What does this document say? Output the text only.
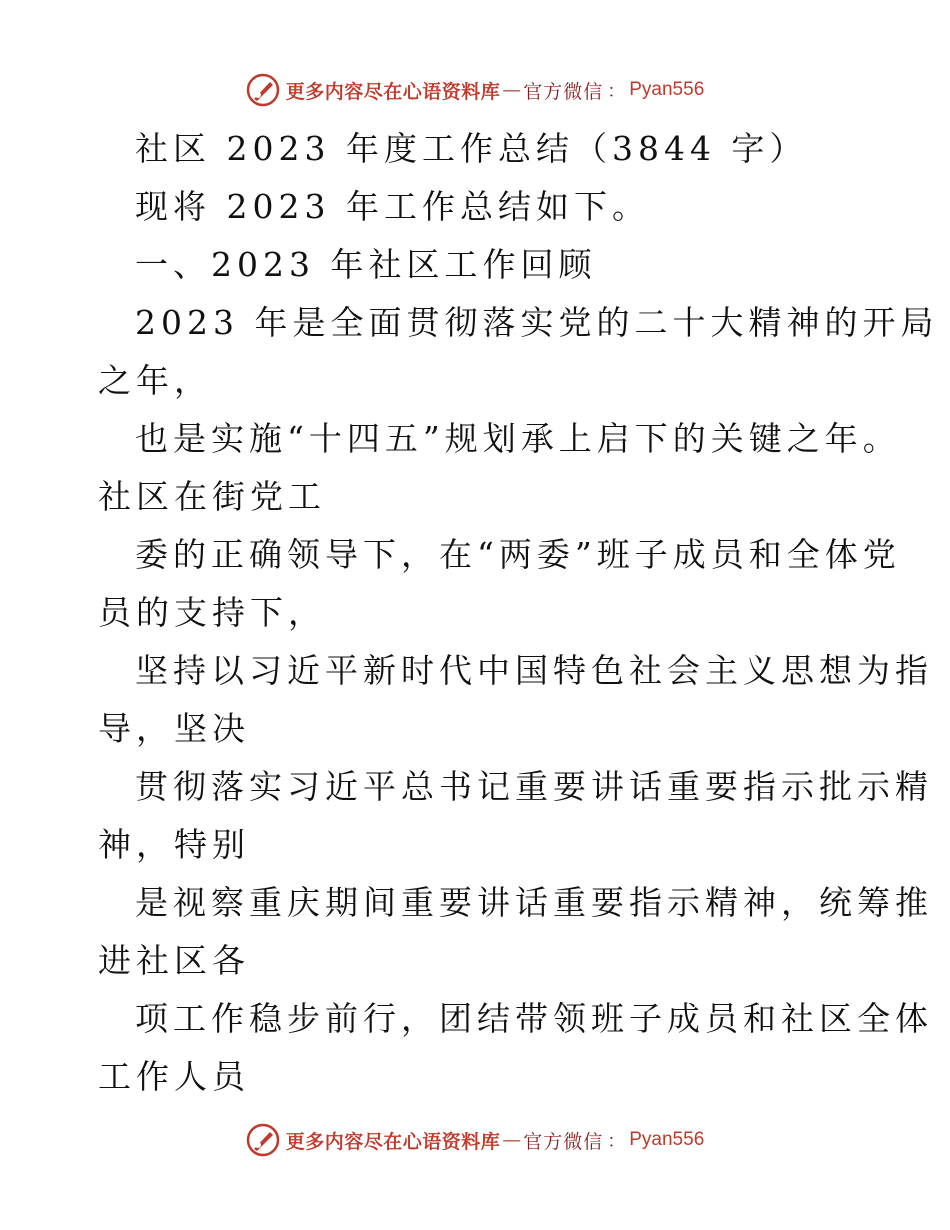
更多内容尽在心语资料库 — 官方微信 ： Pyan556
社区 2023 年度工作总结（3844 字）
现将 2023 年工作总结如下。
一、2023 年社区工作回顾
2023 年是全面贯彻落实党的二十大精神的开局
之年，
也是实施“十四五”规划承上启下的关键之年。
社区在街党工
委的正确领导下，在“两委”班子成员和全体党
员的支持下，
坚持以习近平新时代中国特色社会主义思想为指
导，坚决
贯彻落实习近平总书记重要讲话重要指示批示精
神，特别
是视察重庆期间重要讲话重要指示精神，统筹推
进社区各
项工作稳步前行，团结带领班子成员和社区全体
工作人员
更多内容尽在心语资料库 — 官方微信 ： Pyan556
